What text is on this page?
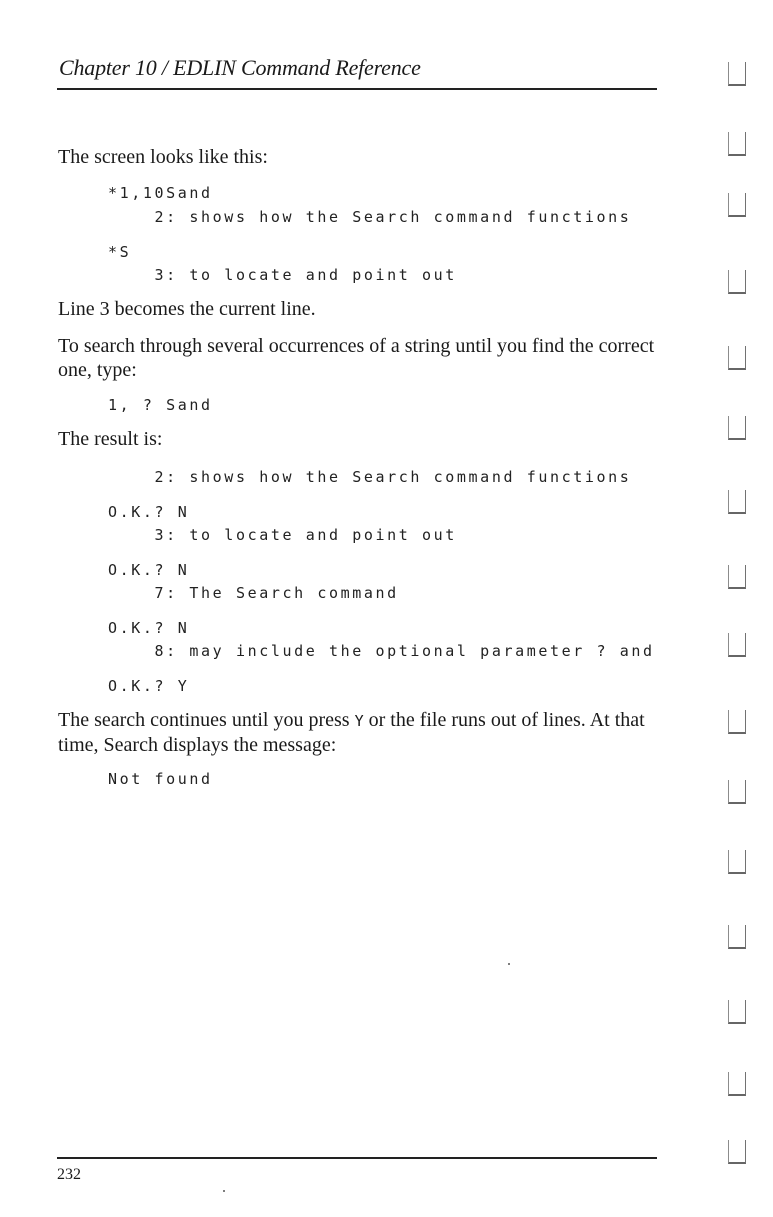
Chapter 10 / EDLIN Command Reference
The screen looks like this:
*1,10Sand
2: shows how the Search command functions
*S
3: to locate and point out
Line 3 becomes the current line.
To search through several occurrences of a string until you find the correct one, type:
1, ? Sand
The result is:
2: shows how the Search command functions
O.K.? N
3: to locate and point out
O.K.? N
7: The Search command
O.K.? N
8: may include the optional parameter ? and
O.K.? Y
The search continues until you press Y or the file runs out of lines. At that time, Search displays the message:
Not found
232
